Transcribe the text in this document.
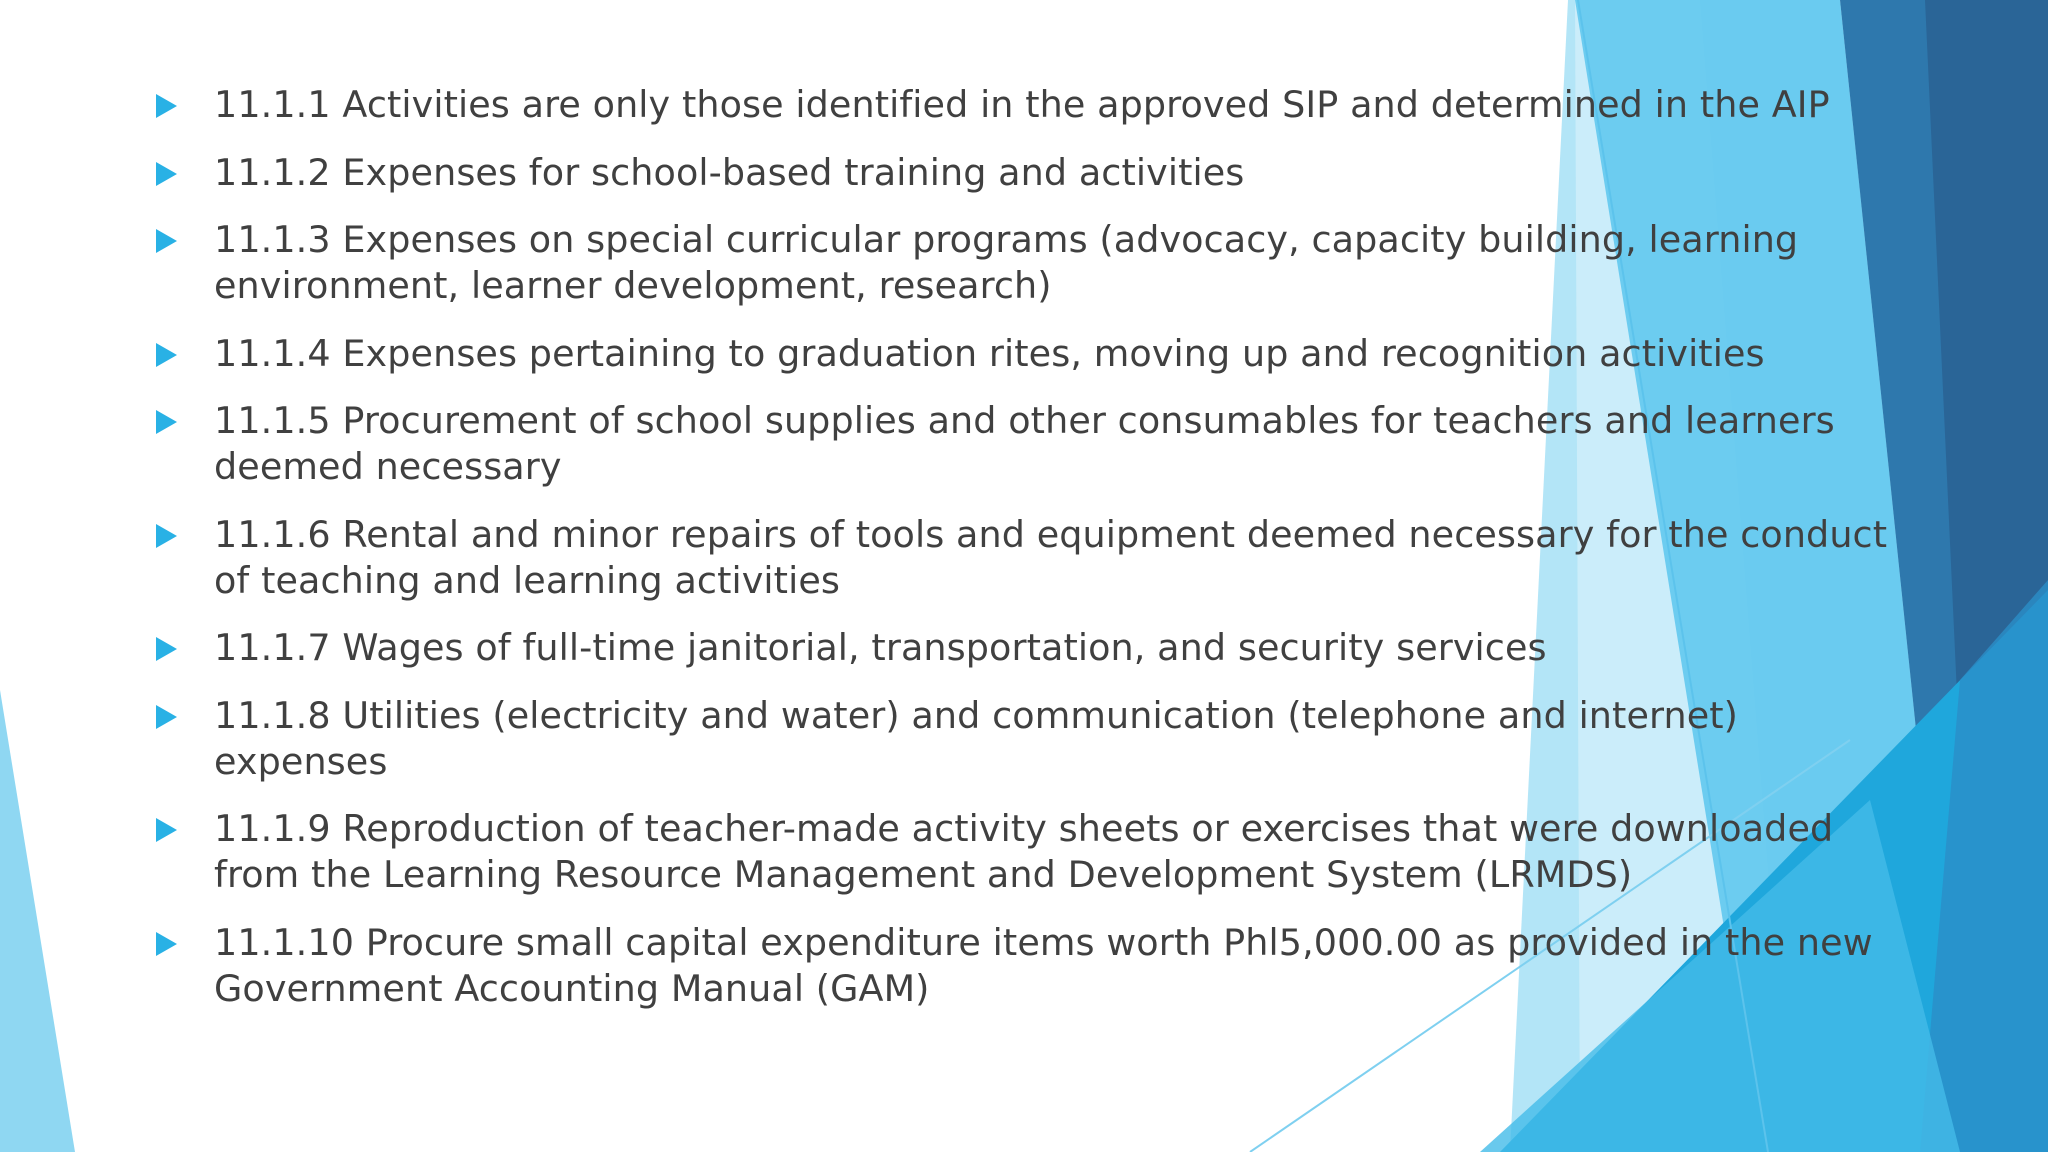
11.1.1 Activities are only those identified in the approved SIP and determined in the AIP
11.1.2 Expenses for school-based training and activities
11.1.3 Expenses on special curricular programs (advocacy, capacity building, learning environment, learner development, research)
11.1.4 Expenses pertaining to graduation rites, moving up and recognition activities
11.1.5 Procurement of school supplies and other consumables for teachers and learners deemed necessary
11.1.6 Rental and minor repairs of tools and equipment deemed necessary for the conduct of teaching and learning activities
11.1.7 Wages of full-time janitorial, transportation, and security services
11.1.8 Utilities (electricity and water) and communication (telephone and internet) expenses
11.1.9 Reproduction of teacher-made activity sheets or exercises that were downloaded from the Learning Resource Management and Development System (LRMDS)
11.1.10 Procure small capital expenditure items worth Phl5,000.00 as provided in the new Government Accounting Manual (GAM)
